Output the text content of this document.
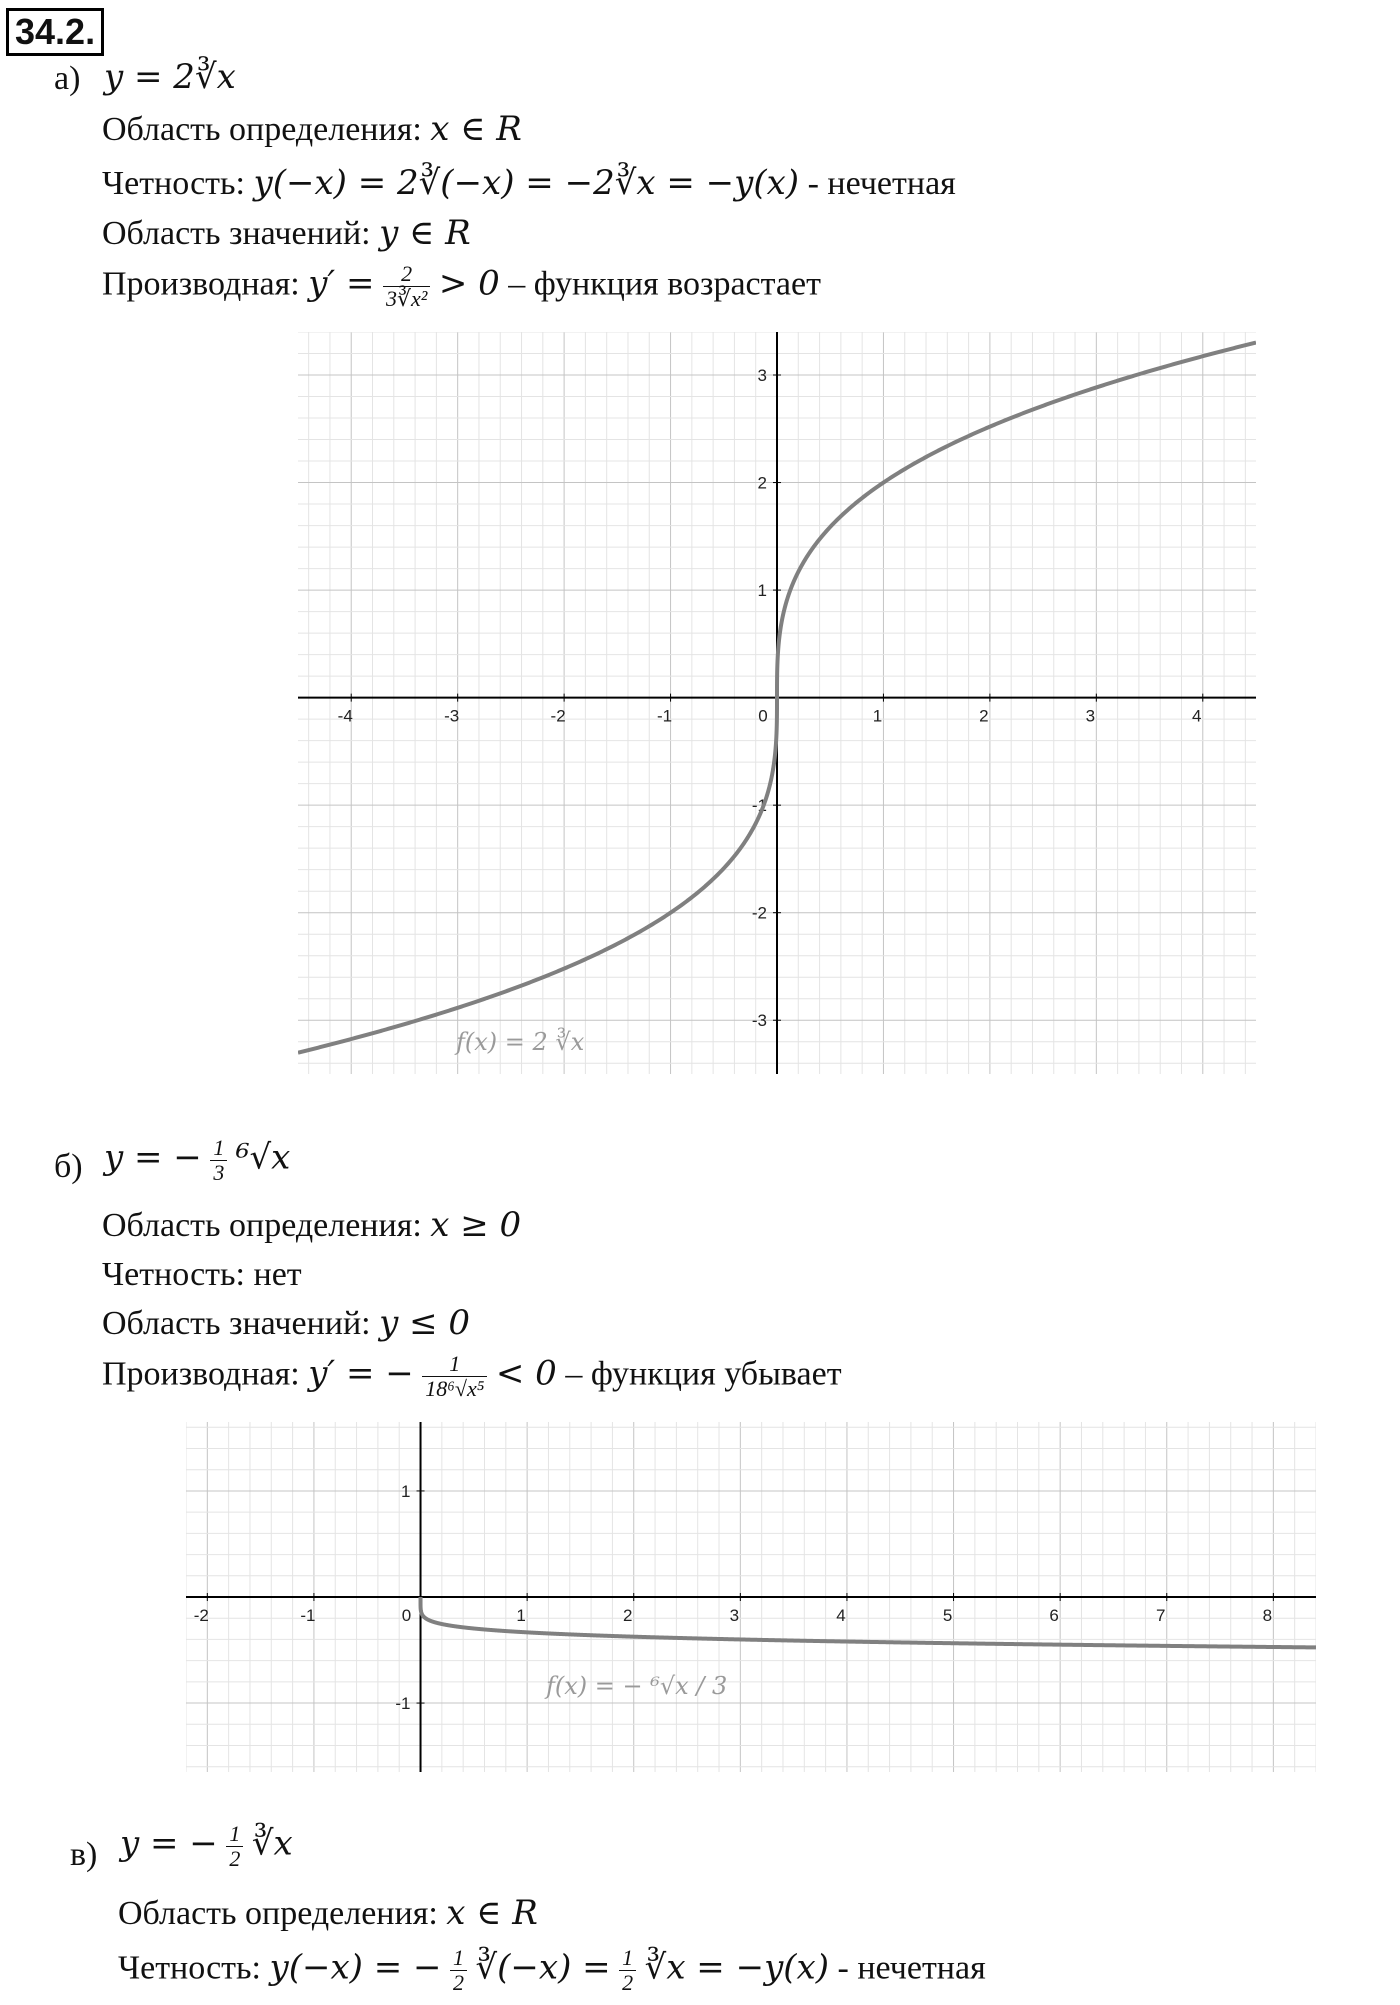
34.2.
а) y = 2∛x
Область определения: x ∈ R
Четность: y(−x) = 2∛(−x) = −2∛x = −y(x) - нечетная
Область значений: y ∈ R
Производная: $y' = \frac{2}{\text{3∛x²}} > 0$ – функция возрастает
-4	-3	-2	-1	0	1	2	3	4
3
2
1
-1
-2
-3
f(x) = 2 ∛x
б) y = − $\frac{1}{3} ^6√x$
Область определения: x ≥ 0
Четность: нет
Область значений: y ≤ 0
Производная: y′ = − $\frac{1}{\text{18⁶√x⁵}} < 0$ – функция убывает
-2	-1	0	1	2	3	4	5	6	7	8
1
-1
f(x) = − ⁶√x / 3
в) y = − $\frac{1}{2}$ ∛x
Область определения: x ∈ R
Четность: y(−x) = − $\frac{1}{2}$ ∛(−x) = $\frac{1}{2}$ ∛x = −y(x) - нечетная
